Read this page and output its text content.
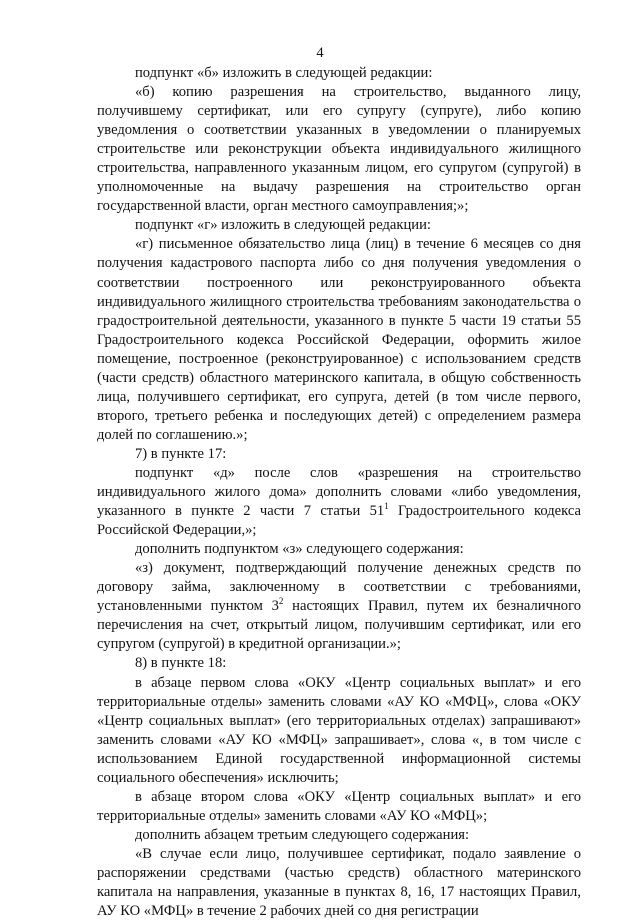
4

подпункт «б» изложить в следующей редакции:

«б) копию разрешения на строительство, выданного лицу, получившему сертификат, или его супругу (супруге), либо копию уведомления о соответствии указанных в уведомлении о планируемых строительстве или реконструкции объекта индивидуального жилищного строительства, направленного указанным лицом, его супругом (супругой) в уполномоченные на выдачу разрешения на строительство орган государственной власти, орган местного самоуправления;»;

подпункт «г» изложить в следующей редакции:

«г) письменное обязательство лица (лиц) в течение 6 месяцев со дня получения кадастрового паспорта либо со дня получения уведомления о соответствии построенного или реконструированного объекта индивидуального жилищного строительства требованиям законодательства о градостроительной деятельности, указанного в пункте 5 части 19 статьи 55 Градостроительного кодекса Российской Федерации, оформить жилое помещение, построенное (реконструированное) с использованием средств (части средств) областного материнского капитала, в общую собственность лица, получившего сертификат, его супруга, детей (в том числе первого, второго, третьего ребенка и последующих детей) с определением размера долей по соглашению.»;

7) в пункте 17:

подпункт «д» после слов «разрешения на строительство индивидуального жилого дома» дополнить словами «либо уведомления, указанного в пункте 2 части 7 статьи $51^1$ Градостроительного кодекса Российской Федерации,»;

дополнить подпунктом «з» следующего содержания:

«з) документ, подтверждающий получение денежных средств по договору займа, заключенному в соответствии с требованиями, установленными пунктом $3^2$ настоящих Правил, путем их безналичного перечисления на счет, открытый лицом, получившим сертификат, или его супругом (супругой) в кредитной организации.»;

8) в пункте 18:

в абзаце первом слова «ОКУ «Центр социальных выплат» и его территориальные отделы» заменить словами «АУ КО «МФЦ», слова «ОКУ «Центр социальных выплат» (его территориальных отделах) запрашивают» заменить словами «АУ КО «МФЦ» запрашивает», слова «, в том числе с использованием Единой государственной информационной системы социального обеспечения» исключить;

в абзаце втором слова «ОКУ «Центр социальных выплат» и его территориальные отделы» заменить словами «АУ КО «МФЦ»;

дополнить абзацем третьим следующего содержания:

«В случае если лицо, получившее сертификат, подало заявление о распоряжении средствами (частью средств) областного материнского капитала на направления, указанные в пунктах 8, 16, 17 настоящих Правил, АУ КО «МФЦ» в течение 2 рабочих дней со дня регистрации
